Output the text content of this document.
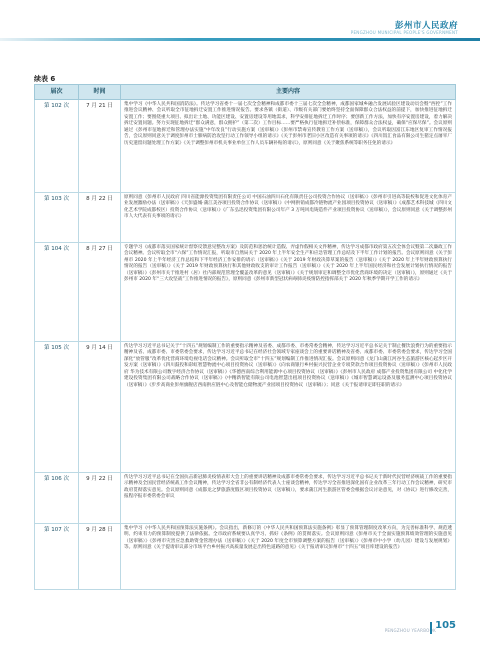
彭州市人民政府
PENGZHOU MUNICIPAL PEOPLE'S GOVERNMENT
续表 6
届次	时间	主要内容
第 102 次	7 月 21 日	集中学习《中华人民共和国消防法》。传达学习省委十一届七次全会精神和成都市委十三届七次全会精神，成都国家城乡融合发展试验区建设动员会暨“西控”工作推进会议精神、会议听取全市征地拆迁安置工作推进情况报告。要求各镇（街道）、市级有关部门要始终坚持全面保障群众合法权益的前提下，加快推进征地拆迁安置工作；要围绕重大项目、拟出让土地、功能区建设、安置房建设等用地需求，科学安排征地拆迁工作时序；要创新工作方法，加快有序安置房建设，着力解决拆迁安置问题。努力实现征地拆迁“群众满意，群众拥护”（第二次）工作目标……要严格执行征地拆迁补偿标准，保障群众合法权益，确保“应保尽保”。会议原则通过《彭州市征地拆迁和管理办法实施“中年改良”行动实施方案（送审稿）》《彭州市禁毒宣传教育工作方案（送审稿）》，会议听取因富江东地区复审工作情况报告，会议原则同意关于调度彭州市士肺病防治攻坚行动工作领导小组的请示》《关于彭州市老旧小区改造有关事项的请示》《四川饭汇食品有限公司生猪定点屠宰厂历史遗留问题处理工作方案》《关于调整彭州市机关事业单位工作人员车辆补贴的请示》，原则同意《关于聚焦系统等职务任免的请示》
第 103 次	8 月 22 日	原则同意《彭州市人民政府 四川省能源投资集团有限责任公司 中国石油四川石化有限责任公司投资合作协议（送审稿）》《彭州市引进高等院校和促进文化体育产业发展激励办法（送审稿）》《天彭盛城·蒲江美谷项目投资合作协议（送审稿）》《中网供销成都冷链物流产业园项目投资协议（送审稿）》《成都艺术科技城（四川文化艺术学院成都校区）投资合作协议（送审稿）》《广东弘迅投资集团有限公司年产 3 万吨风电铸造件产业项目投资协议（送审稿）》，会议原则同意《关于调整彭州市人大代表有关事项的请示》
第 104 次	8 月 27 日	专题学习《成都市落实国家统计督察反馈意见整改方案》及防范和惩治统计造假、弄虚作假相关文件精神，传达学习成都市政府第五次全体会议暨第二次廉政工作会议精神。会议听取全市“六保”工作情况汇报，听取市自然局关于 2020 年上半年安全生产和应急管理工作总结及下半年工作计划的报告。会议原则同意《关于彭州市 2020 年上半年经济工作总结和下半年经济工作安排的请示（送审稿）》《关于 2019 年财政决算草案的报告（送审稿）》《关于 2020 年上半年财政预算执行情况的报告（送审稿）》《关于 2019 年财政预算执行和其他财政收支的审计工作报告（送审稿）》《关于 2020 年上半年国民经济和社会发展计划执行情况的报告（送审稿）》《彭州市关于推进村（居）社内部规范管理全覆盖改革的意见（送审稿）》《关于规划审定和调整全市优化营商环境的决定（送审稿）》，原则通过《关于彭州市 2020 年“三大攻坚战”工作推进情况的报告》，原则同意《彭州市新型冠状病毒肺炎疫情防控指挥部关于 2020 年秋季学期开学工作的请示》
第 105 次	9 月 14 日	传达学习习近平总书记关于“十四五”规划编制工作的重要指示精神及省委、成都市委、市委常委会精神，传达学习习近平总书记关于制止餐饮浪费行为的重要指示精神及省、成都市委、市委常委会要求，传达学习习近平总书记在经济社会领域专家座谈会上的重要讲话精神及省委、成都市委、市委常委会要求，传达学习全国深化“放管服”改革优化营商环境电视电话会议精神。会议听取全市“十四五”规划编制工作推进情况汇报。会议原则同意《龙门山蒲江河谷生态旅游区核心起步区开发方案（送审稿）》《四川鼓投和彩虹智慧物流中心项目投资协议（送审稿）》《向农商银行乡村振兴民营企业专项贷款合作项目投资协议（送审稿）》《彭州市人民政府 华为技术有限公司数字经济合作协议（送审稿）》《华德西南综合利用能源中心项目投资协议（送审稿）》《彭州市人民政府 成都产业投资集团有限公司 中化化学建设投资集团有限公司战略合作协议（送审稿）》《中精新智能有限公司电池智慧出租项目投资协议（送审稿）》《城市智慧调运设备及服务监测中心项目投资协议（送审稿）》《步步高商业彭州旗舰店西南供应链中心及智能仓储物流产业园项目投资协议（送审稿）》；同意《关于报请审定即任职的请示》
第 106 次	9 月 22 日	传达学习习近平总书记在全国抗击新冠肺炎疫情表彰大会上的重要讲话精神及成都市委常委会要求，传达学习习近平总书记关于新时代民营经济统战工作的重要指示精神及全国民营经济统战工作会议精神，传达学习全省非公有制经济代表人士座谈会精神，传达学习全省推进深化国有企业改革三年行动工作会议精神，研究市政府贯彻落实意见。会议原则同意《成都龙之梦旅游度假区项目投资协议（送审稿）》，要求蒲江河生旅游区管委会根据会议讨论意见，对《协议》进行修改完善，报程序报市委常委会审议
第 107 次	9 月 28 日	集中学习《中华人民共和国预算法实施条例》。会议指出，新修订的《中华人民共和国预算法实施条例》彰显了预算管理制度改革方向，为完善标准科学、规范透明、约束有力的预算制度提供了法律依据。全市政府系统要认真学习、抓好《条例》的贯彻落实。会议原则同意《彭州市关于全面实施预算绩效管理的实施意见（送审稿）》《彭州市灾害应急救助资金管理办法（送审稿）》《关于 2020 年度全市预算调整方案的报告（送审稿）》《彭州市中小学（幼儿园）建设与发展规划》等。原则同意《关于提请审议部分市场平台乡村振兴高质量发展走出特色道路的意见》《关于报请审议彭州市“十四五”项目库建设的报告》
PENGZHOU YEARBOOK 105
